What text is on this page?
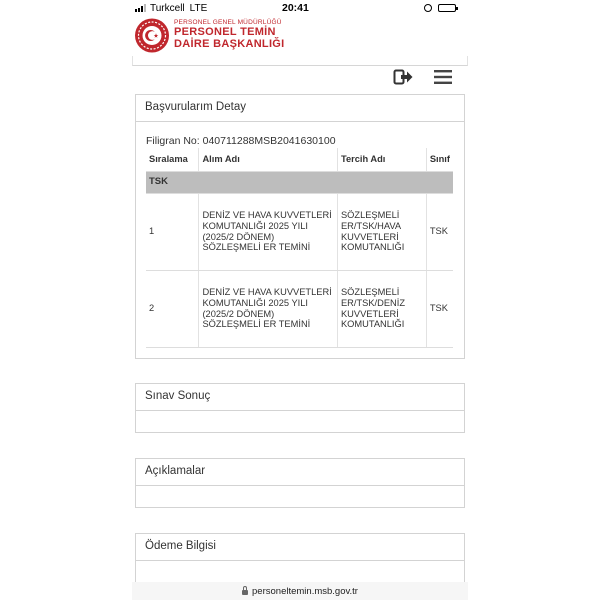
Turkcell LTE	20:41
PERSONEL GENEL MÜDÜRLÜĞÜ
PERSONEL TEMİN
DAİRE BAŞKANLIĞI
Başvurularım Detay
Filigran No: 040711288MSB2041630100
Sıralama	Alım Adı	Tercih Adı	Sınıf
TSK			
1	DENİZ VE HAVA KUVVETLERİ KOMUTANLIĞI 2025 YILI (2025/2 DÖNEM) SÖZLEŞMELİ ER TEMİNİ	SÖZLEŞMELİ ER/TSK/HAVA KUVVETLERİ KOMUTANLIĞI	TSK
2	DENİZ VE HAVA KUVVETLERİ KOMUTANLIĞI 2025 YILI (2025/2 DÖNEM) SÖZLEŞMELİ ER TEMİNİ	SÖZLEŞMELİ ER/TSK/DENİZ KUVVETLERİ KOMUTANLIĞI	TSK
Sınav Sonuç
Açıklamalar
Ödeme Bilgisi
personeltemin.msb.gov.tr
